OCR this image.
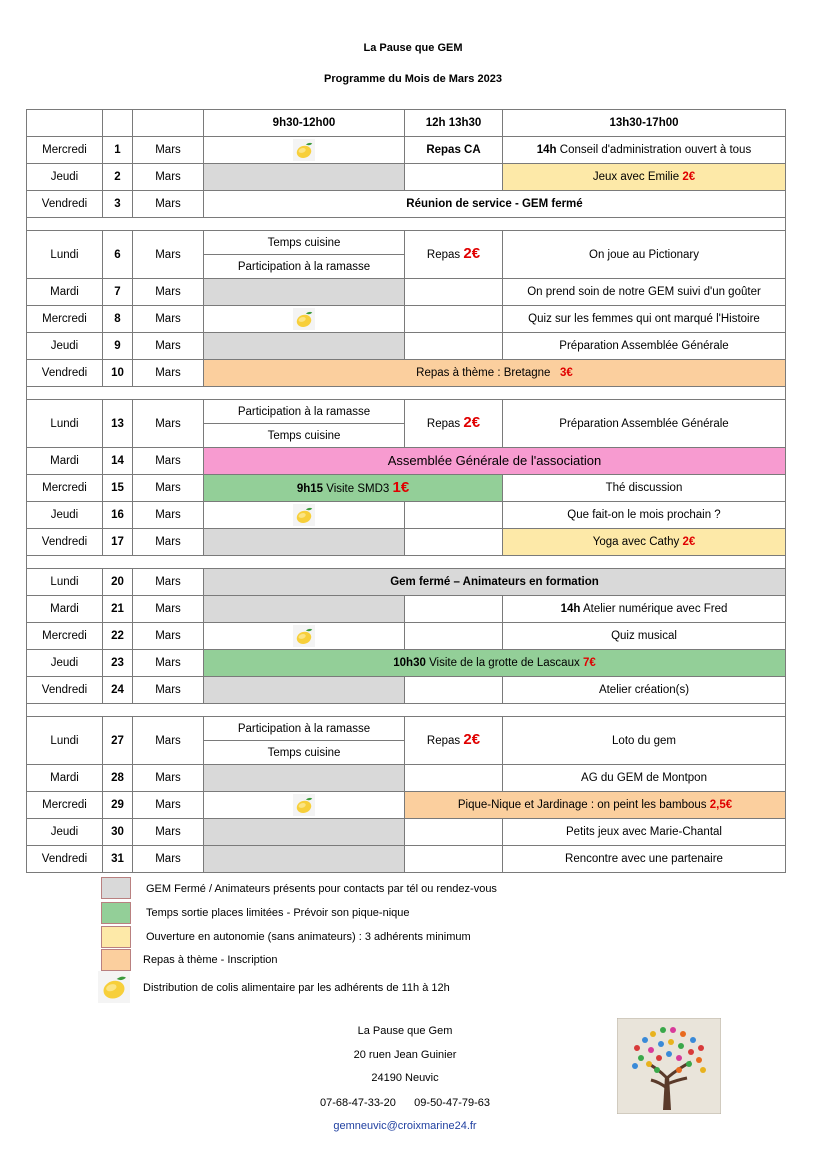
La Pause que GEM
Programme du Mois de Mars 2023
			9h30-12h00	12h 13h30	13h30-17h00
Mercredi	1	Mars		Repas CA	14h Conseil d'administration ouvert à tous
Jeudi	2	Mars			Jeux avec Emilie 2€
Vendredi	3	Mars	Réunion de service - GEM fermé		

Lundi	6	Mars	Temps cuisine	Repas 2€	On joue au Pictionary
			Participation à la ramasse		
Mardi	7	Mars			On prend soin de notre GEM suivi d'un goûter
Mercredi	8	Mars			Quiz sur les femmes qui ont marqué l'Histoire
Jeudi	9	Mars			Préparation Assemblée Générale
Vendredi	10	Mars	Repas à thème : Bretagne 3€		

Lundi	13	Mars	Participation à la ramasse	Repas 2€	Préparation Assemblée Générale
			Temps cuisine		
Mardi	14	Mars	Assemblée Générale de l'association		
Mercredi	15	Mars	9h15 Visite SMD3 1€		Thé discussion
Jeudi	16	Mars			Que fait-on le mois prochain ?
Vendredi	17	Mars			Yoga avec Cathy 2€

Lundi	20	Mars	Gem fermé – Animateurs en formation		
Mardi	21	Mars			14h Atelier numérique avec Fred
Mercredi	22	Mars			Quiz musical
Jeudi	23	Mars	10h30 Visite de la grotte de Lascaux 7€		
Vendredi	24	Mars			Atelier création(s)

Lundi	27	Mars	Participation à la ramasse	Repas 2€	Loto du gem
			Temps cuisine		
Mardi	28	Mars			AG du GEM de Montpon
Mercredi	29	Mars		Pique-Nique et Jardinage : on peint les bambous 2,5€	
Jeudi	30	Mars			Petits jeux avec Marie-Chantal
Vendredi	31	Mars			Rencontre avec une partenaire
GEM Fermé / Animateurs présents pour contacts par tél ou rendez-vous
Temps sortie places limitées - Prévoir son pique-nique
Ouverture en autonomie (sans animateurs) : 3 adhérents minimum
Repas à thème - Inscription
Distribution de colis alimentaire par les adhérents de 11h à 12h
La Pause que Gem
20 ruen Jean Guinier
24190 Neuvic
07-68-47-33-20      09-50-47-79-63
gemneuvic@croixmarine24.fr
